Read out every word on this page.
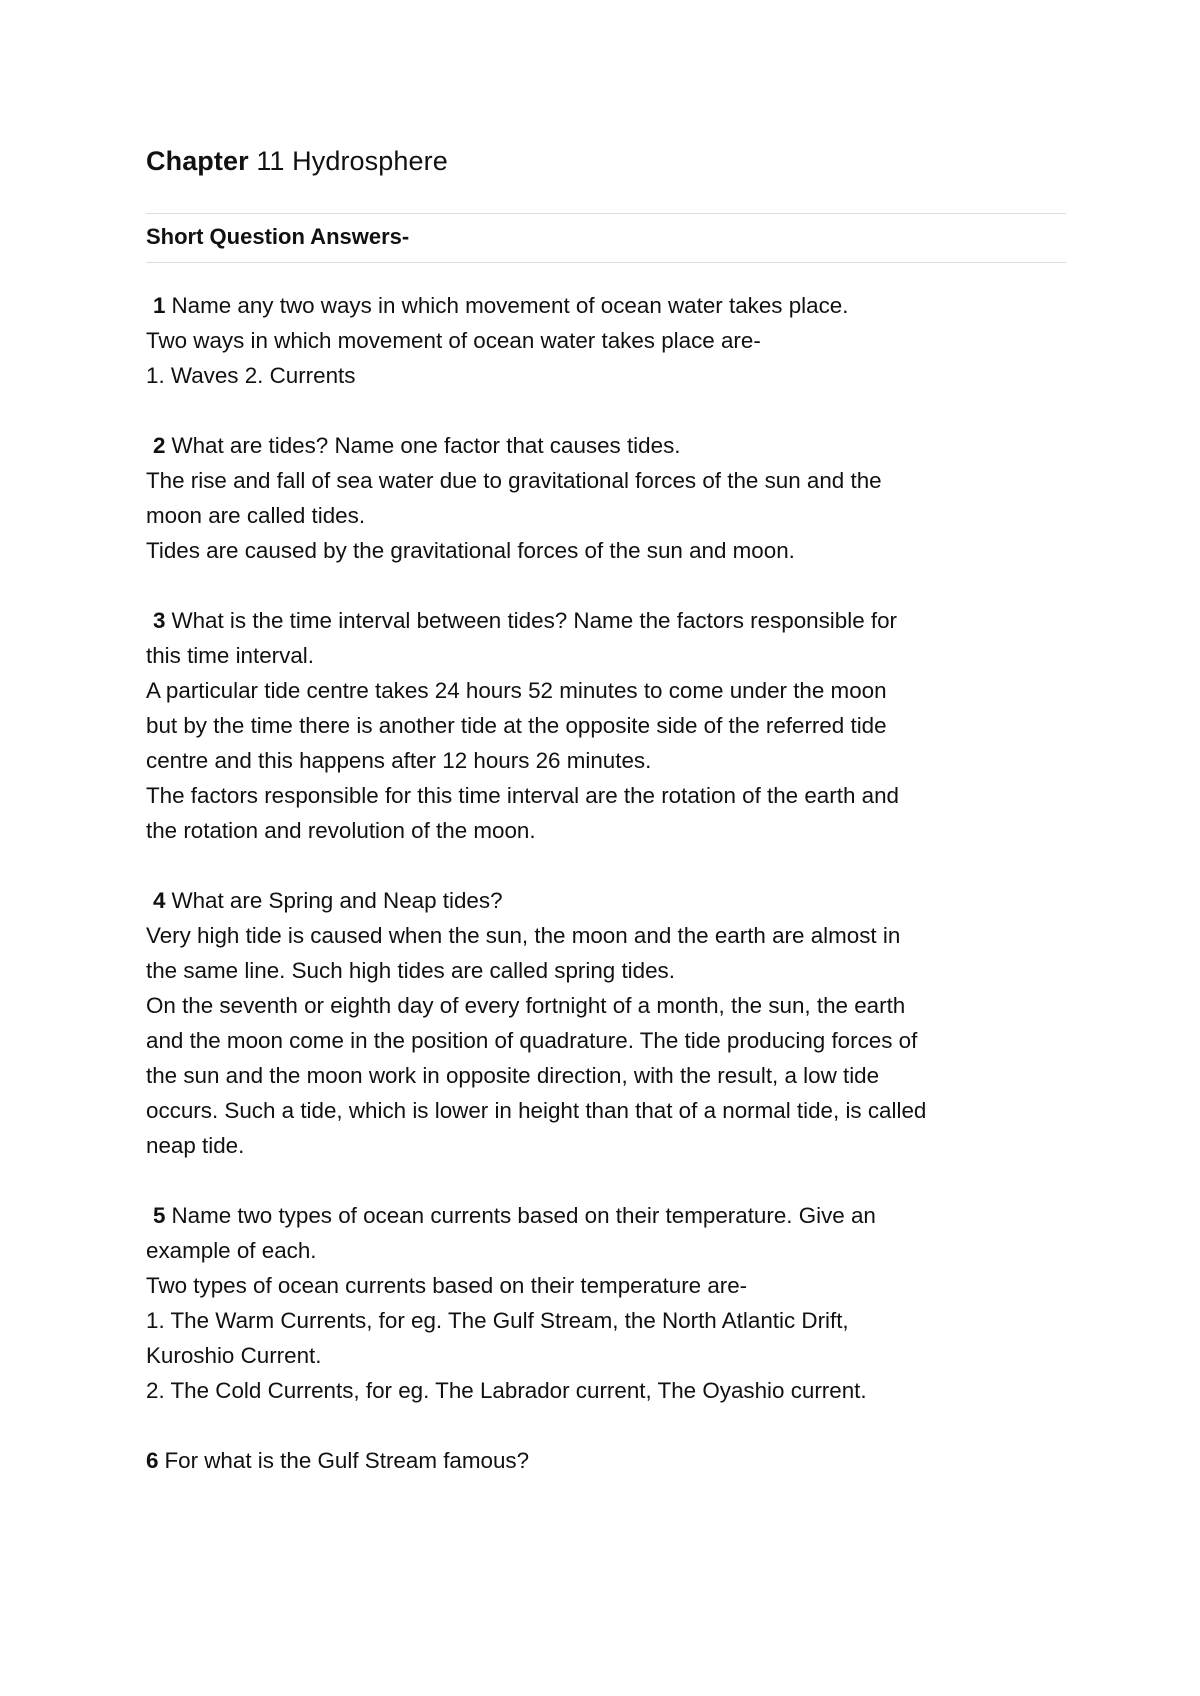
Chapter 11 Hydrosphere
Short Question Answers-
1 Name any two ways in which movement of ocean water takes place.
Two ways in which movement of ocean water takes place are-
1. Waves 2. Currents
2 What are tides? Name one factor that causes tides.
The rise and fall of sea water due to gravitational forces of the sun and the
moon are called tides.
Tides are caused by the gravitational forces of the sun and moon.
3 What is the time interval between tides? Name the factors responsible for
this time interval.
A particular tide centre takes 24 hours 52 minutes to come under the moon
but by the time there is another tide at the opposite side of the referred tide
centre and this happens after 12 hours 26 minutes.
The factors responsible for this time interval are the rotation of the earth and
the rotation and revolution of the moon.
4 What are Spring and Neap tides?
Very high tide is caused when the sun, the moon and the earth are almost in
the same line. Such high tides are called spring tides.
On the seventh or eighth day of every fortnight of a month, the sun, the earth
and the moon come in the position of quadrature. The tide producing forces of
the sun and the moon work in opposite direction, with the result, a low tide
occurs. Such a tide, which is lower in height than that of a normal tide, is called
neap tide.
5 Name two types of ocean currents based on their temperature. Give an
example of each.
Two types of ocean currents based on their temperature are-
1. The Warm Currents, for eg. The Gulf Stream, the North Atlantic Drift,
Kuroshio Current.
2. The Cold Currents, for eg. The Labrador current, The Oyashio current.
6 For what is the Gulf Stream famous?
